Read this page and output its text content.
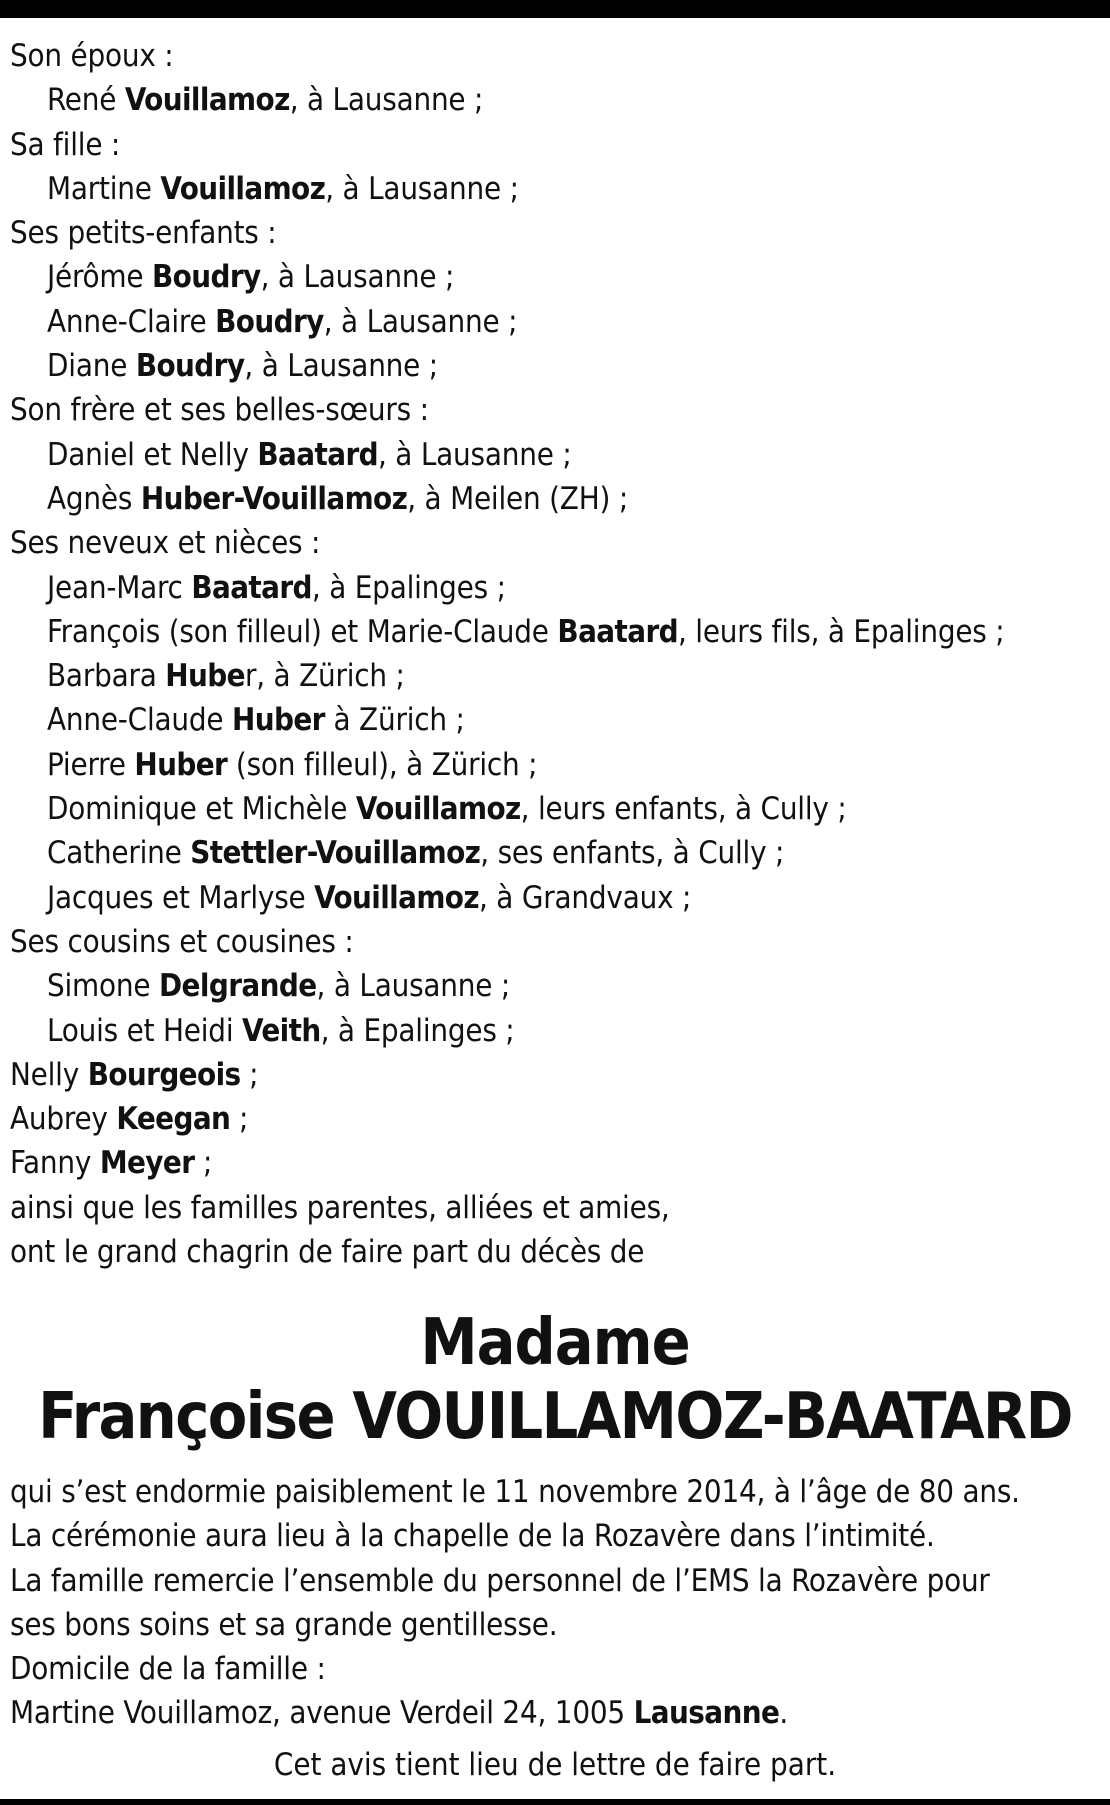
Son époux :
René Vouillamoz, à Lausanne ;
Sa fille :
Martine Vouillamoz, à Lausanne ;
Ses petits-enfants :
Jérôme Boudry, à Lausanne ;
Anne-Claire Boudry, à Lausanne ;
Diane Boudry, à Lausanne ;
Son frère et ses belles-sœurs :
Daniel et Nelly Baatard, à Lausanne ;
Agnès Huber-Vouillamoz, à Meilen (ZH) ;
Ses neveux et nièces :
Jean-Marc Baatard, à Epalinges ;
François (son filleul) et Marie-Claude Baatard, leurs fils, à Epalinges ;
Barbara Huber, à Zürich ;
Anne-Claude Huber à Zürich ;
Pierre Huber (son filleul), à Zürich ;
Dominique et Michèle Vouillamoz, leurs enfants, à Cully ;
Catherine Stettler-Vouillamoz, ses enfants, à Cully ;
Jacques et Marlyse Vouillamoz, à Grandvaux ;
Ses cousins et cousines :
Simone Delgrande, à Lausanne ;
Louis et Heidi Veith, à Epalinges ;
Nelly Bourgeois ;
Aubrey Keegan ;
Fanny Meyer ;
ainsi que les familles parentes, alliées et amies,
ont le grand chagrin de faire part du décès de
Madame
Françoise VOUILLAMOZ-BAATARD
qui s’est endormie paisiblement le 11 novembre 2014, à l’âge de 80 ans.
La cérémonie aura lieu à la chapelle de la Rozavère dans l’intimité.
La famille remercie l’ensemble du personnel de l’EMS la Rozavère pour
ses bons soins et sa grande gentillesse.
Domicile de la famille :
Martine Vouillamoz, avenue Verdeil 24, 1005 Lausanne.
Cet avis tient lieu de lettre de faire part.
